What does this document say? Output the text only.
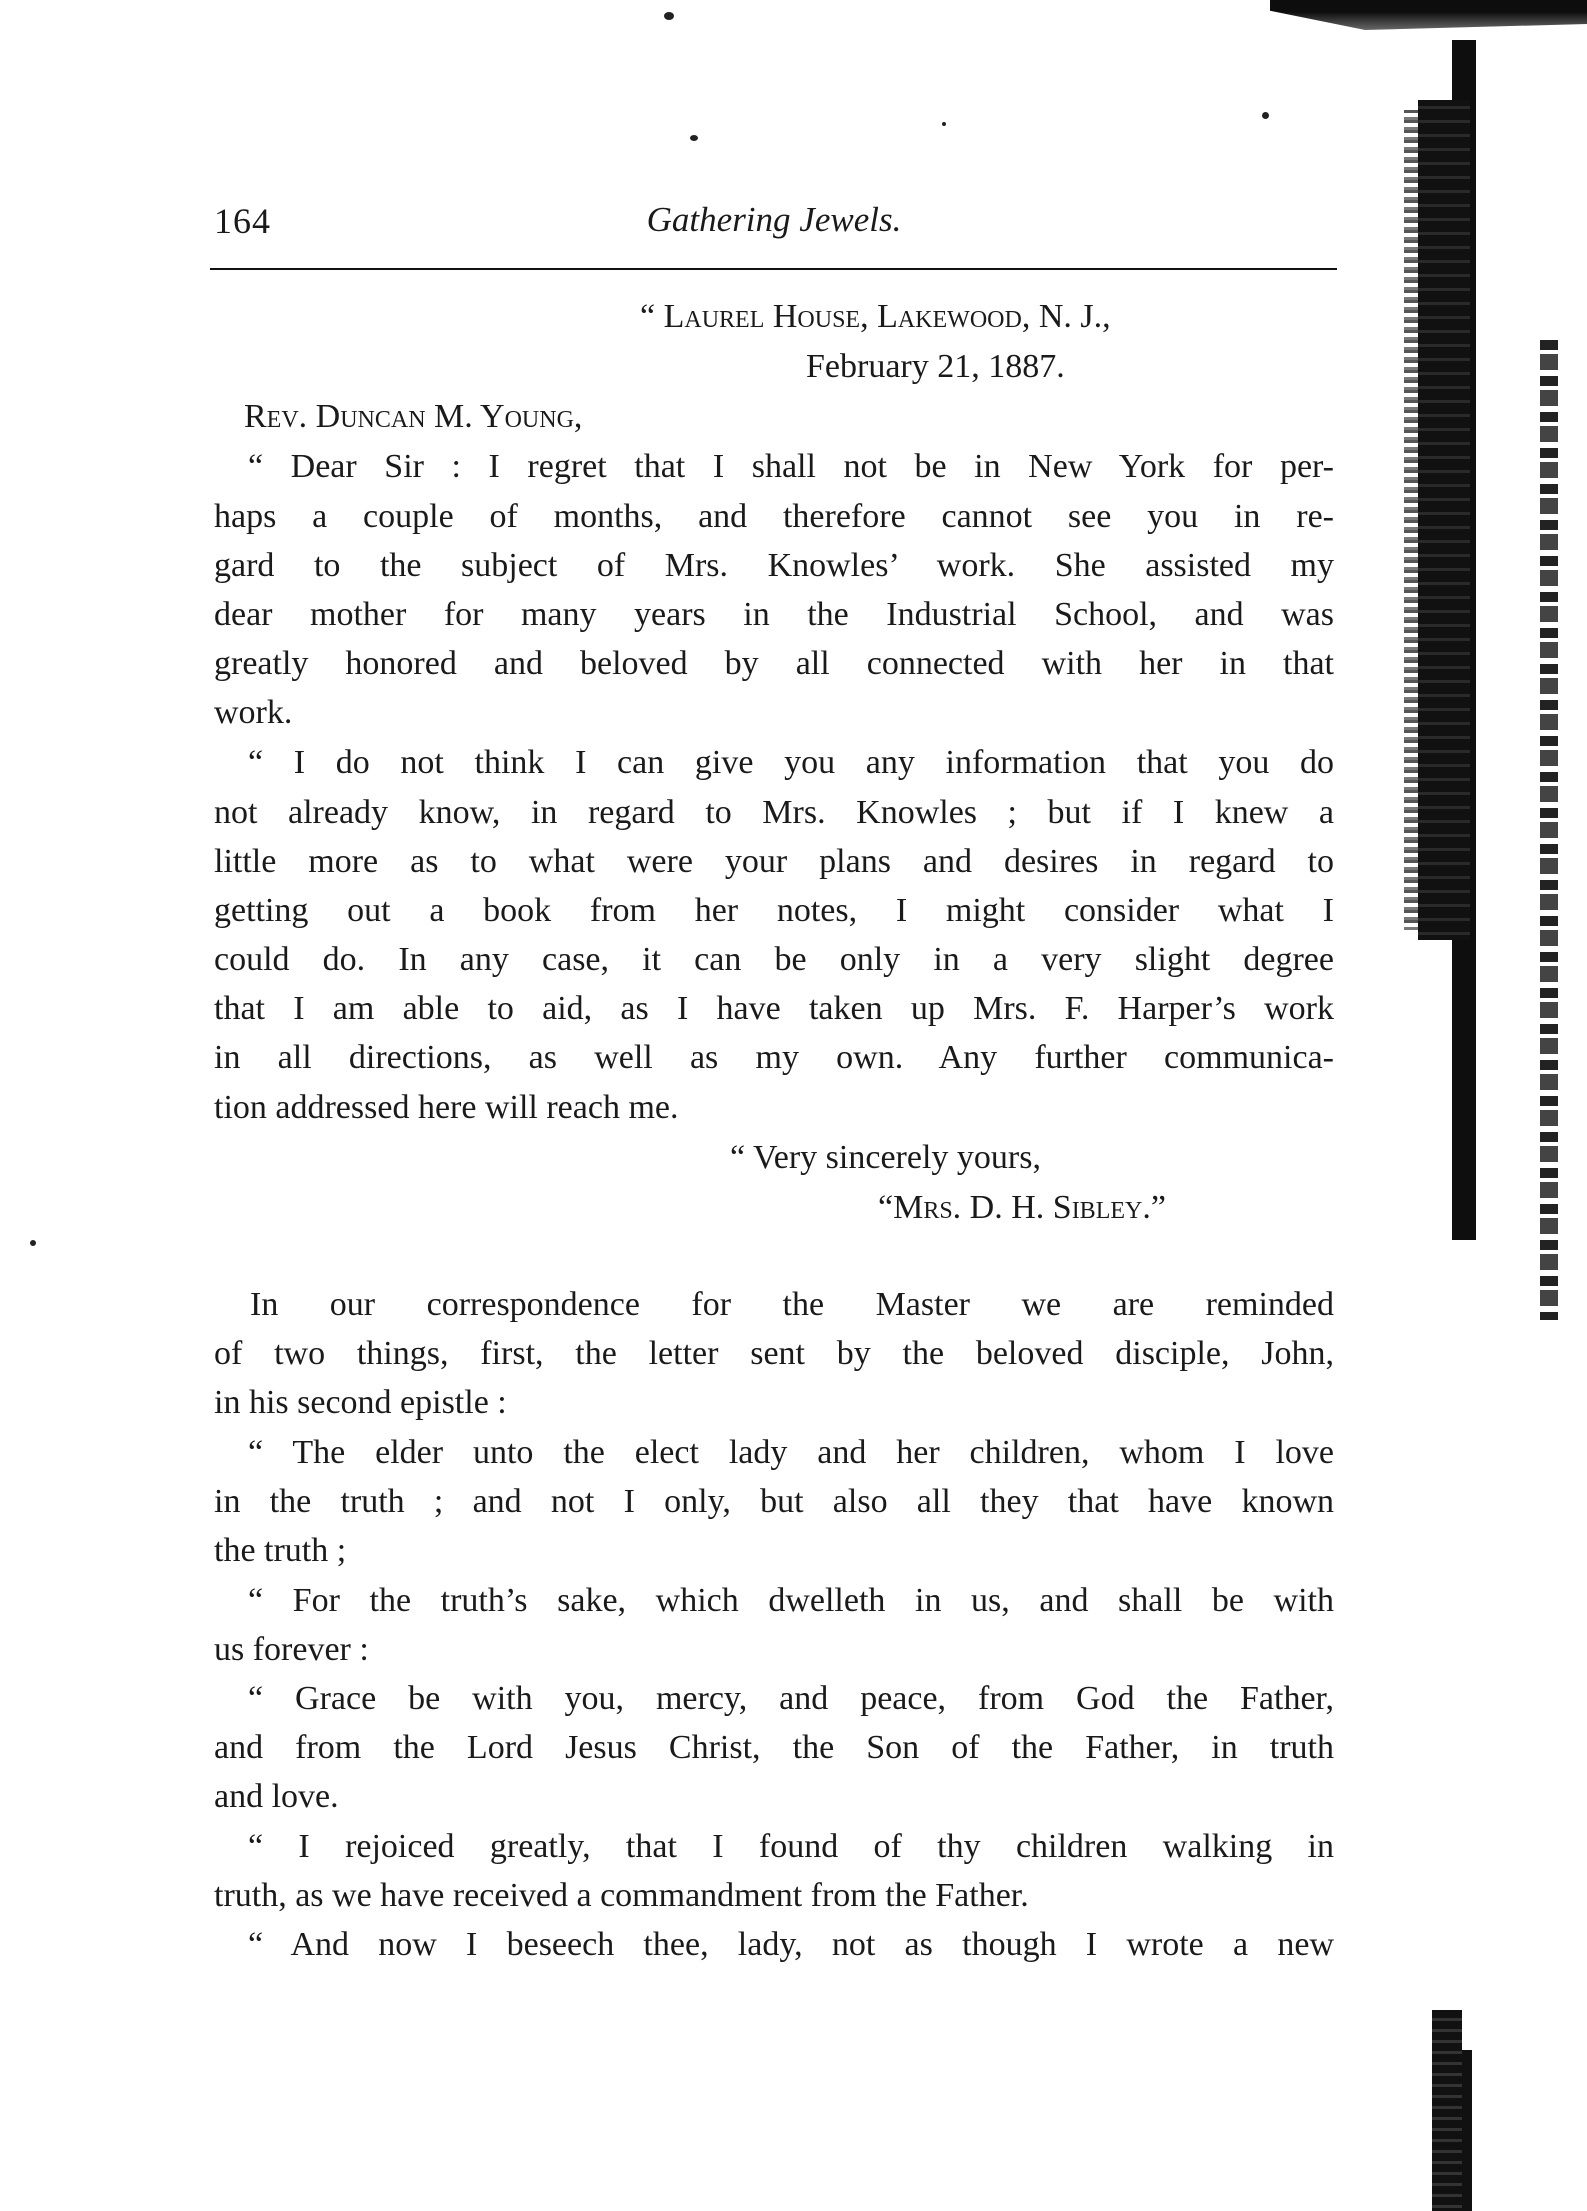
164	Gathering Jewels.
“ Laurel House, Lakewood, N. J.,
February 21, 1887.
Rev. Duncan M. Young,
“ Dear Sir : I regret that I shall not be in New York for per-
haps a couple of months, and therefore cannot see you in re-
gard to the subject of Mrs. Knowles’ work. She assisted my
dear mother for many years in the Industrial School, and was
greatly honored and beloved by all connected with her in that
work.
“ I do not think I can give you any information that you do
not already know, in regard to Mrs. Knowles ; but if I knew a
little more as to what were your plans and desires in regard to
getting out a book from her notes, I might consider what I
could do. In any case, it can be only in a very slight degree
that I am able to aid, as I have taken up Mrs. F. Harper’s work
in all directions, as well as my own. Any further communica-
tion addressed here will reach me.
“ Very sincerely yours,
“Mrs. D. H. Sibley.”
In our correspondence for the Master we are reminded
of two things, first, the letter sent by the beloved disciple, John,
in his second epistle :
“ The elder unto the elect lady and her children, whom I love
in the truth ; and not I only, but also all they that have known
the truth ;
“ For the truth’s sake, which dwelleth in us, and shall be with
us forever :
“ Grace be with you, mercy, and peace, from God the Father,
and from the Lord Jesus Christ, the Son of the Father, in truth
and love.
“ I rejoiced greatly, that I found of thy children walking in
truth, as we have received a commandment from the Father.
“ And now I beseech thee, lady, not as though I wrote a new
